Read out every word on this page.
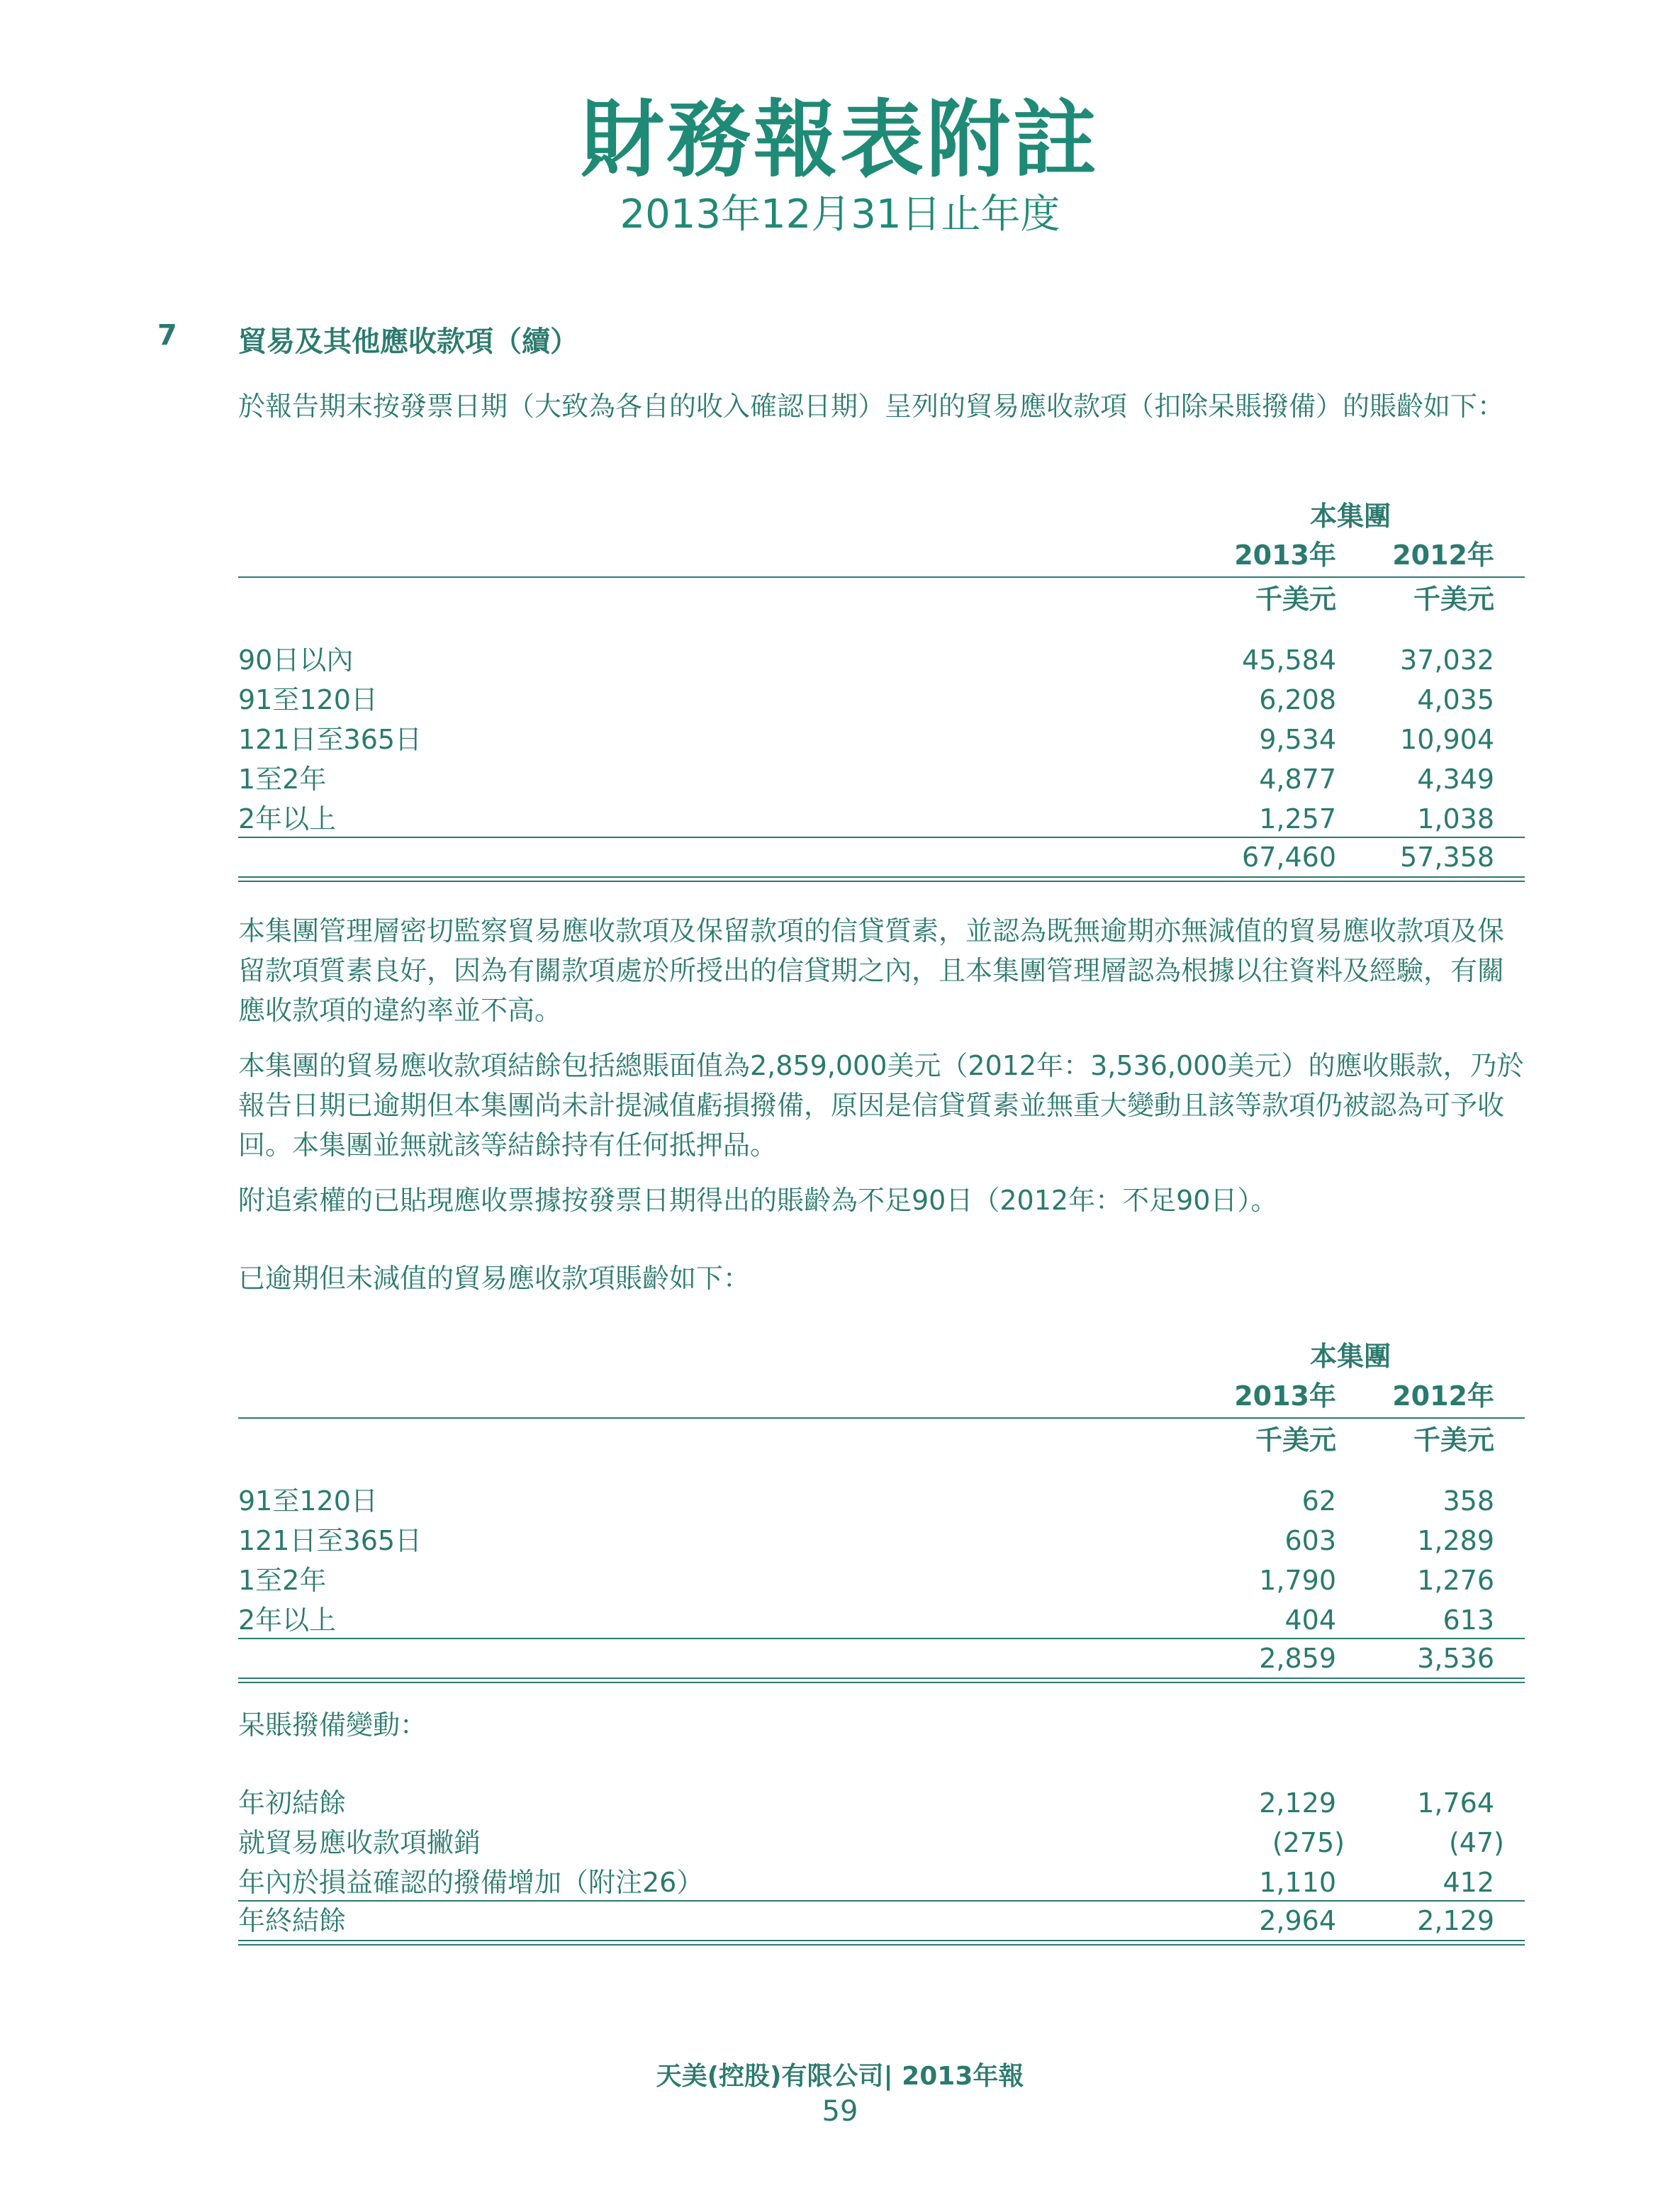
財務報表附註
2013年12月31日止年度
7 貿易及其他應收款項（續）
於報告期末按發票日期（大致為各自的收入確認日期）呈列的貿易應收款項（扣除呆賬撥備）的賬齡如下：
本集團
2013年	2012年
千美元	千美元
90日以內	45,584	37,032
91至120日	6,208	4,035
121日至365日	9,534	10,904
1至2年	4,877	4,349
2年以上	1,257	1,038
67,460	57,358
本集團管理層密切監察貿易應收款項及保留款項的信貸質素，並認為既無逾期亦無減值的貿易應收款項及保留款項質素良好，因為有關款項處於所授出的信貸期之內，且本集團管理層認為根據以往資料及經驗，有關應收款項的違約率並不高。
本集團的貿易應收款項結餘包括總賬面值為2,859,000美元（2012年：3,536,000美元）的應收賬款，乃於報告日期已逾期但本集團尚未計提減值虧損撥備，原因是信貸質素並無重大變動且該等款項仍被認為可予收回。本集團並無就該等結餘持有任何抵押品。
附追索權的已貼現應收票據按發票日期得出的賬齡為不足90日（2012年：不足90日）。
已逾期但未減值的貿易應收款項賬齡如下：
本集團
2013年	2012年
千美元	千美元
91至120日	62	358
121日至365日	603	1,289
1至2年	1,790	1,276
2年以上	404	613
2,859	3,536
呆賬撥備變動：
年初結餘	2,129	1,764
就貿易應收款項撇銷	(275)	(47)
年內於損益確認的撥備增加（附注26）	1,110	412
年終結餘	2,964	2,129
天美(控股)有限公司| 2013年報
59
